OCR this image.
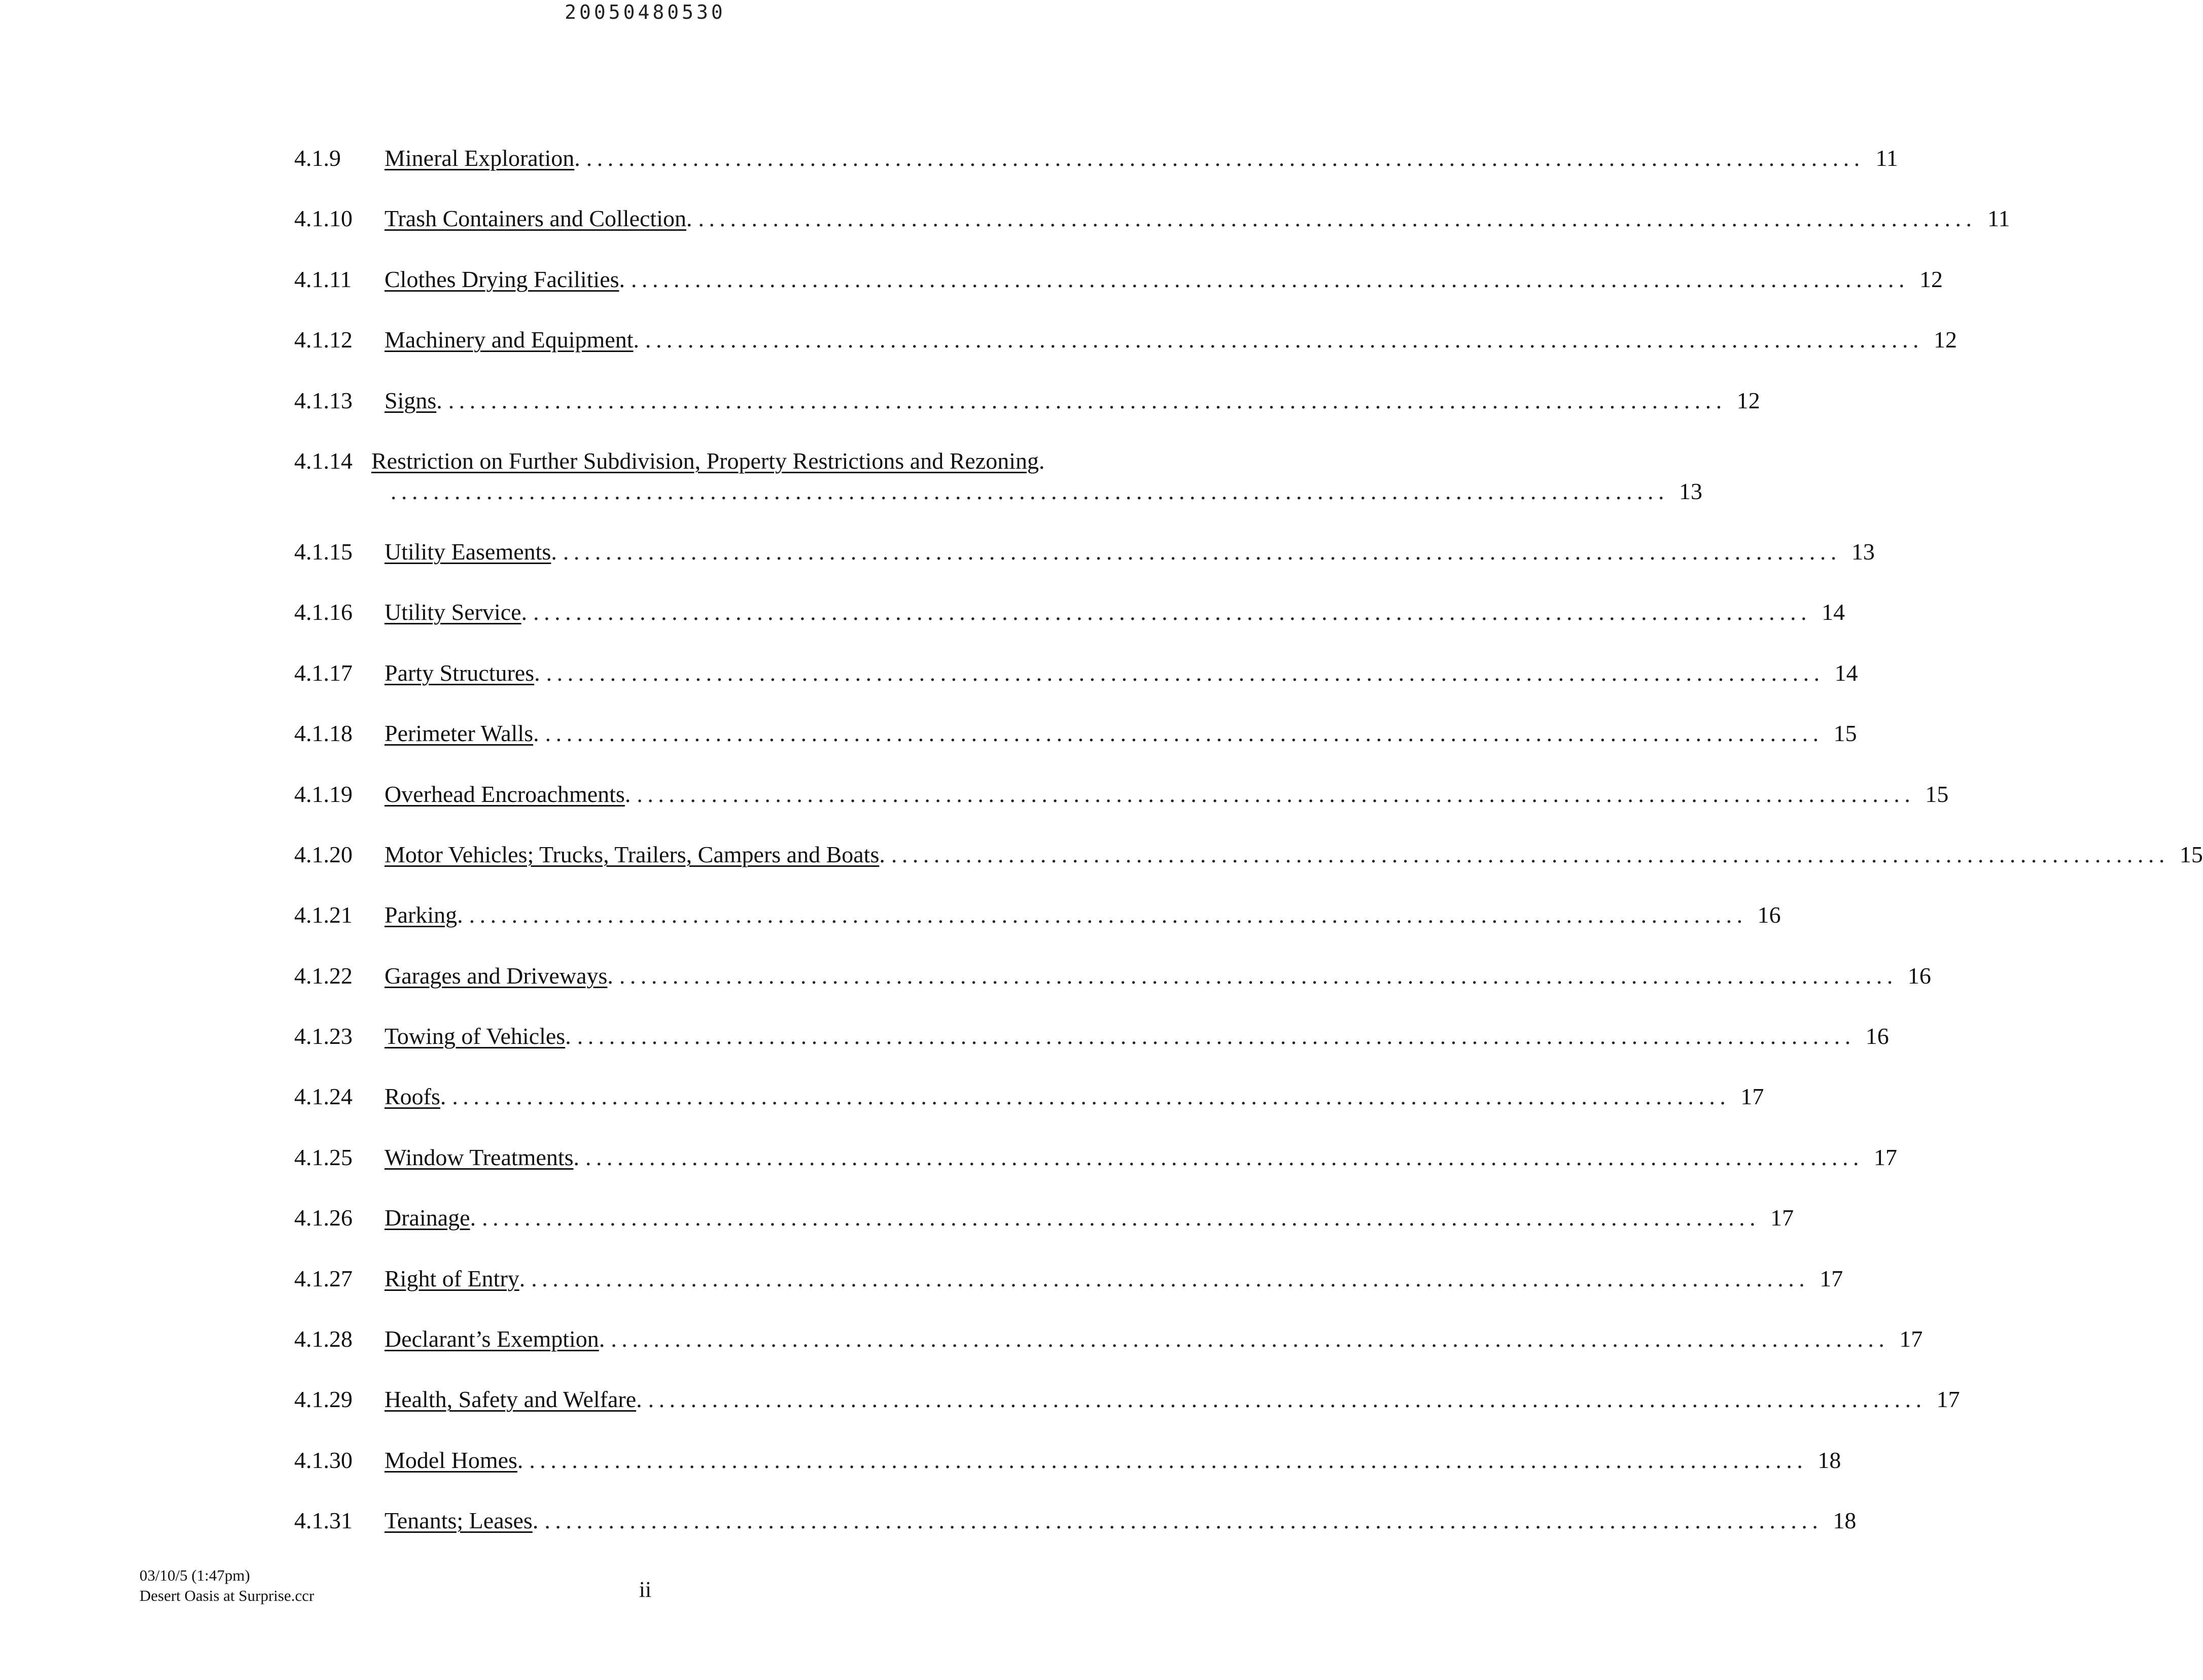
20050480530
4.1.9	Mineral Exploration . ........................................................................................................................ 11
4.1.10	Trash Containers and Collection . ........................................................................................................................ 11
4.1.11	Clothes Drying Facilities . ........................................................................................................................ 12
4.1.12	Machinery and Equipment . ........................................................................................................................ 12
4.1.13	Signs . ........................................................................................................................ 12
4.1.14 Restriction on Further Subdivision, Property Restrictions and Rezoning .
........................................................................................................................ 13
4.1.15	Utility Easements . ........................................................................................................................ 13
4.1.16	Utility Service . ........................................................................................................................ 14
4.1.17	Party Structures . ........................................................................................................................ 14
4.1.18	Perimeter Walls . ........................................................................................................................ 15
4.1.19	Overhead Encroachments . ........................................................................................................................ 15
4.1.20	Motor Vehicles; Trucks, Trailers, Campers and Boats . ........................................................................................................................ 15
4.1.21	Parking . ........................................................................................................................ 16
4.1.22	Garages and Driveways . ........................................................................................................................ 16
4.1.23	Towing of Vehicles . ........................................................................................................................ 16
4.1.24	Roofs . ........................................................................................................................ 17
4.1.25	Window Treatments . ........................................................................................................................ 17
4.1.26	Drainage . ........................................................................................................................ 17
4.1.27	Right of Entry . ........................................................................................................................ 17
4.1.28	Declarant’s Exemption . ........................................................................................................................ 17
4.1.29	Health, Safety and Welfare . ........................................................................................................................ 17
4.1.30	Model Homes . ........................................................................................................................ 18
4.1.31	Tenants; Leases . ........................................................................................................................ 18
03/10/5 (1:47pm)
Desert Oasis at Surprise.ccr	ii
